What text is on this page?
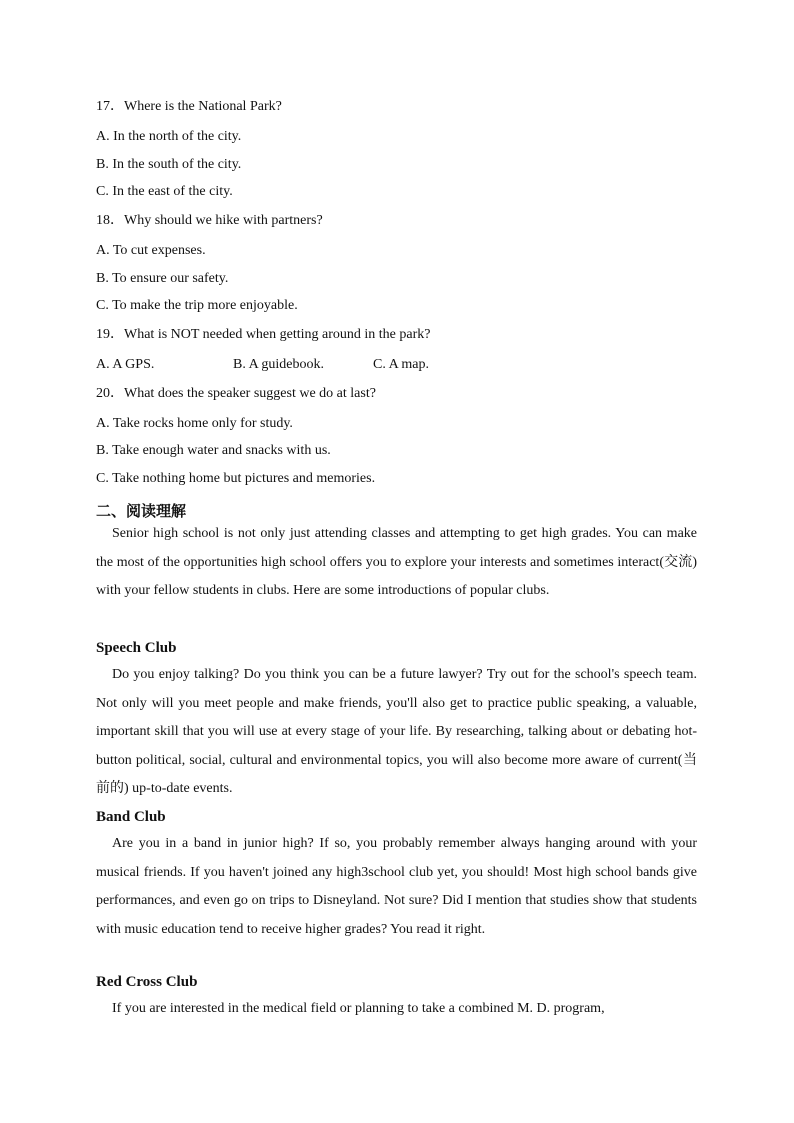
17．Where is the National Park?
A. In the north of the city.
B. In the south of the city.
C. In the east of the city.
18．Why should we hike with partners?
A. To cut expenses.
B. To ensure our safety.
C. To make the trip more enjoyable.
19．What is NOT needed when getting around in the park?
A. A GPS.	B. A guidebook.	C. A map.
20．What does the speaker suggest we do at last?
A. Take rocks home only for study.
B. Take enough water and snacks with us.
C. Take nothing home but pictures and memories.
二、阅读理解
Senior high school is not only just attending classes and attempting to get high grades. You can make the most of the opportunities high school offers you to explore your interests and sometimes interact(交流) with your fellow students in clubs. Here are some introductions of popular clubs.
Speech Club
Do you enjoy talking? Do you think you can be a future lawyer? Try out for the school's speech team. Not only will you meet people and make friends, you'll also get to practice public speaking, a valuable, important skill that you will use at every stage of your life. By researching, talking about or debating hot-button political, social, cultural and environmental topics, you will also become more aware of current(当前的) up-to-date events.
Band Club
Are you in a band in junior high? If so, you probably remember always hanging around with your musical friends. If you haven't joined any high3school club yet, you should! Most high school bands give performances, and even go on trips to Disneyland. Not sure? Did I mention that studies show that students with music education tend to receive higher grades? You read it right.
Red Cross Club
If you are interested in the medical field or planning to take a combined M. D. program,
